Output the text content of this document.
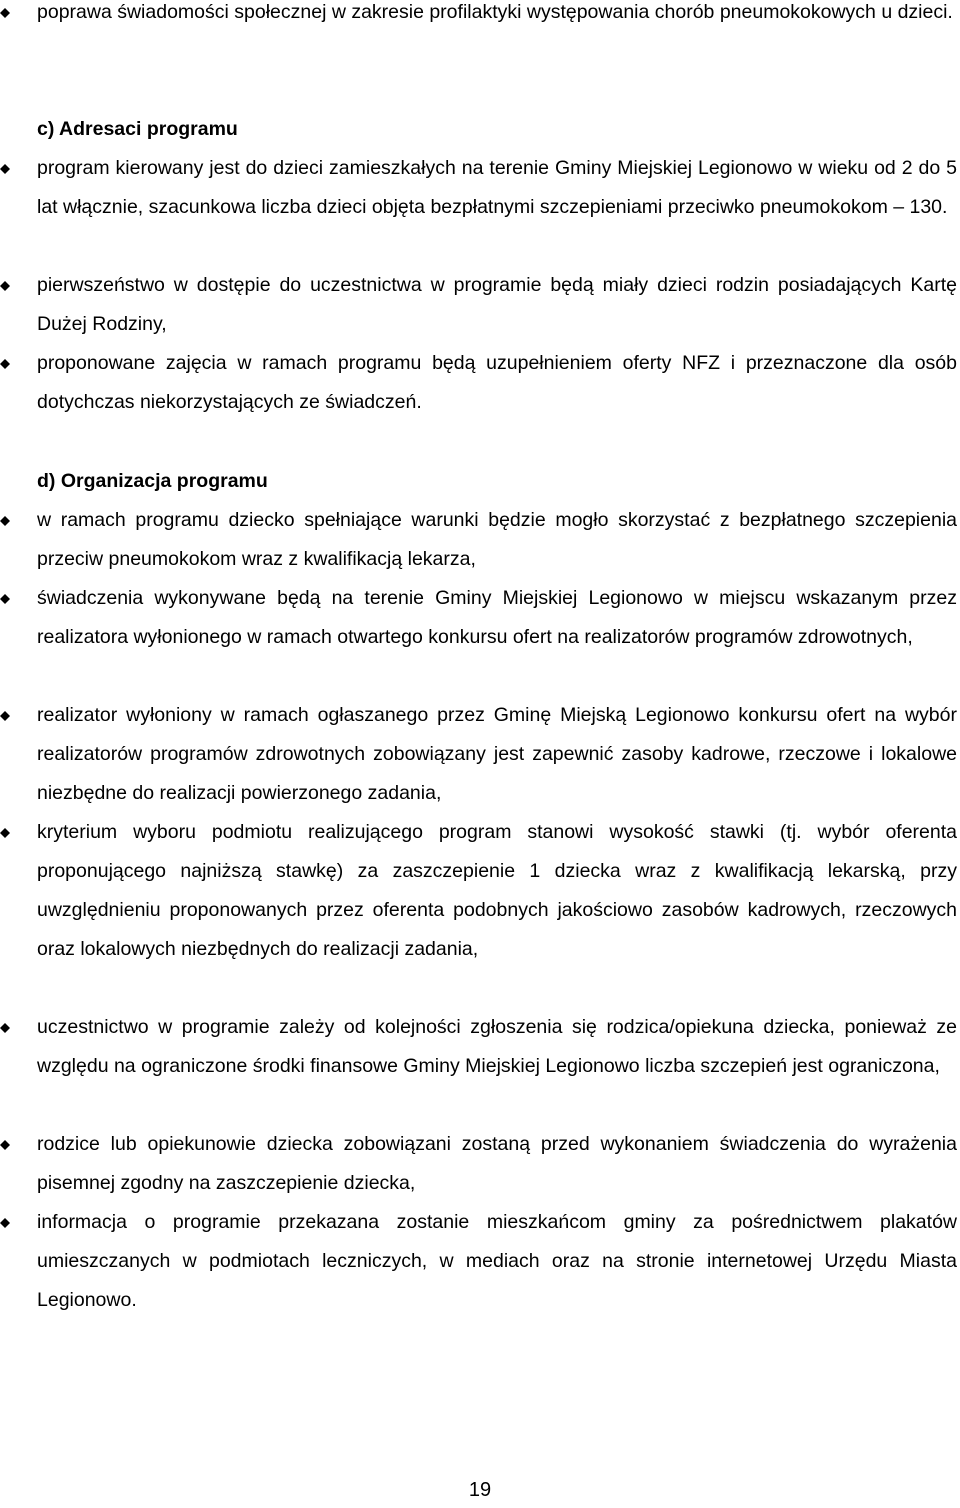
poprawa świadomości społecznej w zakresie profilaktyki występowania chorób pneumokokowych u dzieci.
c) Adresaci programu
program kierowany jest do dzieci zamieszkałych na terenie Gminy Miejskiej Legionowo w wieku od 2 do 5 lat włącznie, szacunkowa liczba dzieci objęta bezpłatnymi szczepieniami przeciwko pneumokokom – 130.
pierwszeństwo w dostępie do uczestnictwa w programie będą miały dzieci rodzin posiadających Kartę Dużej Rodziny,
proponowane zajęcia w ramach programu będą uzupełnieniem oferty NFZ i przeznaczone dla osób dotychczas niekorzystających ze świadczeń.
d) Organizacja programu
w ramach programu dziecko spełniające warunki będzie mogło skorzystać z bezpłatnego szczepienia przeciw pneumokokom wraz z kwalifikacją lekarza,
świadczenia wykonywane będą na terenie Gminy Miejskiej Legionowo w miejscu wskazanym przez realizatora wyłonionego w ramach otwartego konkursu ofert na realizatorów programów zdrowotnych,
realizator wyłoniony w ramach ogłaszanego przez Gminę Miejską Legionowo konkursu ofert na wybór realizatorów programów zdrowotnych zobowiązany jest zapewnić zasoby kadrowe, rzeczowe i lokalowe niezbędne do realizacji powierzonego zadania,
kryterium wyboru podmiotu realizującego program stanowi wysokość stawki (tj. wybór oferenta proponującego najniższą stawkę) za zaszczepienie 1 dziecka wraz z kwalifikacją lekarską, przy uwzględnieniu proponowanych przez oferenta podobnych jakościowo zasobów kadrowych, rzeczowych oraz lokalowych niezbędnych do realizacji zadania,
uczestnictwo w programie zależy od kolejności zgłoszenia się rodzica/opiekuna dziecka, ponieważ ze względu na ograniczone środki finansowe Gminy Miejskiej Legionowo liczba szczepień jest ograniczona,
rodzice lub opiekunowie dziecka zobowiązani zostaną przed wykonaniem świadczenia do wyrażenia pisemnej zgodny na zaszczepienie dziecka,
informacja o programie przekazana zostanie mieszkańcom gminy za pośrednictwem plakatów umieszczanych w podmiotach leczniczych, w mediach oraz na stronie internetowej Urzędu Miasta Legionowo.
19
